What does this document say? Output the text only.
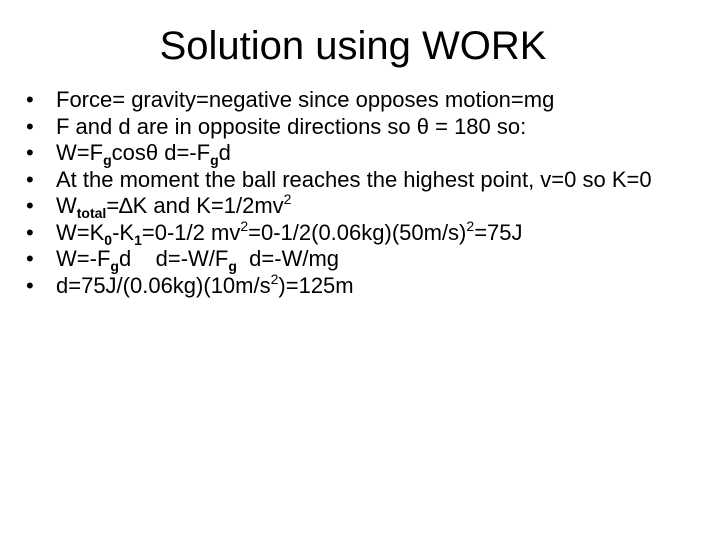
Solution using WORK
•	Force= gravity=negative since opposes motion=mg
•	F and d are in opposite directions so θ = 180 so:
•	$W=F_g\cos\theta$ $d=-F_gd$
•	At the moment the ball reaches the highest point, v=0 so K=0
•	$W_{total}=\Delta K$ and $K=1/2mv^2$
•	$W=K_0-K_1=0-1/2$ $mv^2=0-1/2(0.06kg)(50m/s)^2=75J$
•	$W=-F_gd$    $d=-W/F_g$  d=-W/mg
•	$d=75J/(0.06kg)(10m/s^2)=125m$
